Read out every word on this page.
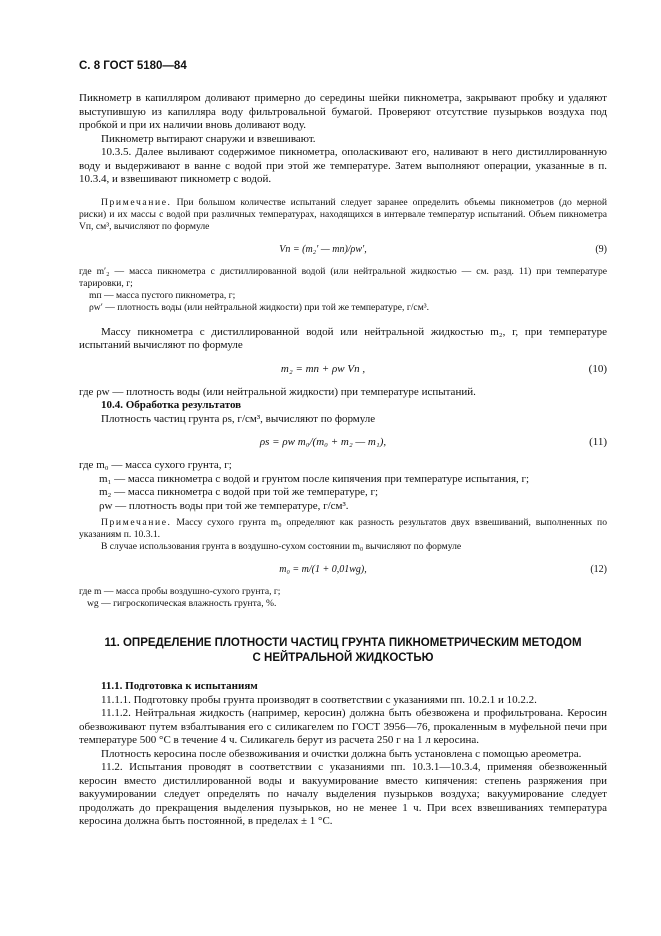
С. 8 ГОСТ 5180—84

Пикнометр в капилляром доливают примерно до середины шейки пикнометра, закрывают пробку и удаляют выступившую из капилляра воду фильтровальной бумагой. Проверяют отсутствие пузырьков воздуха под пробкой и при их наличии вновь доливают воду.

Пикнометр вытирают снаружи и взвешивают.

10.3.5. Далее выливают содержимое пикнометра, ополаскивают его, наливают в него дистиллированную воду и выдерживают в ванне с водой при этой же температуре. Затем выполняют операции, указанные в п. 10.3.4, и взвешивают пикнометр с водой.

Примечание. При большом количестве испытаний следует заранее определить объемы пикнометров (до мерной риски) и их массы с водой при различных температурах, находящихся в интервале температур испытаний. Объем пикнометра Vп, см³, вычисляют по формуле

Vп = (m₂′ — mп)/ρw′,	(9)

где m′₂ — масса пикнометра с дистиллированной водой (или нейтральной жидкостью — см. разд. 11) при температуре тарировки, г;

mп — масса пустого пикнометра, г;

ρw′ — плотность воды (или нейтральной жидкости) при той же температуре, г/см³.

Массу пикнометра с дистиллированной водой или нейтральной жидкостью m₂, г, при температуре испытаний вычисляют по формуле

m₂ = mп + ρw Vп ,	(10)

где ρw — плотность воды (или нейтральной жидкости) при температуре испытаний.

10.4. Обработка результатов

Плотность частиц грунта ρs, г/см³, вычисляют по формуле

ρs = ρw m₀/(m₀ + m₂ — m₁),	(11)

где m₀ — масса сухого грунта, г;

m₁ — масса пикнометра с водой и грунтом после кипячения при температуре испытания, г;

m₂ — масса пикнометра с водой при той же температуре, г;

ρw — плотность воды при той же температуре, г/см³.

Примечание. Массу сухого грунта m₀ определяют как разность результатов двух взвешиваний, выполненных по указаниям п. 10.3.1.

В случае использования грунта в воздушно-сухом состоянии m₀ вычисляют по формуле

m₀ = m/(1 + 0,01wg),	(12)

где m — масса пробы воздушно-сухого грунта, г;

wg — гигроскопическая влажность грунта, %.

11. ОПРЕДЕЛЕНИЕ ПЛОТНОСТИ ЧАСТИЦ ГРУНТА ПИКНОМЕТРИЧЕСКИМ МЕТОДОМ
С НЕЙТРАЛЬНОЙ ЖИДКОСТЬЮ

11.1. Подготовка к испытаниям

11.1.1. Подготовку пробы грунта производят в соответствии с указаниями пп. 10.2.1 и 10.2.2.

11.1.2. Нейтральная жидкость (например, керосин) должна быть обезвожена и профильтрована. Керосин обезвоживают путем взбалтывания его с силикагелем по ГОСТ 3956—76, прокаленным в муфельной печи при температуре 500 °С в течение 4 ч. Силикагель берут из расчета 250 г на 1 л керосина.

Плотность керосина после обезвоживания и очистки должна быть установлена с помощью ареометра.

11.2. Испытания проводят в соответствии с указаниями пп. 10.3.1—10.3.4, применяя обезвоженный керосин вместо дистиллированной воды и вакуумирование вместо кипячения: степень разряжения при вакуумировании следует определять по началу выделения пузырьков воздуха; вакуумирование следует продолжать до прекращения выделения пузырьков, но не менее 1 ч. При всех взвешиваниях температура керосина должна быть постоянной, в пределах ± 1 °С.
